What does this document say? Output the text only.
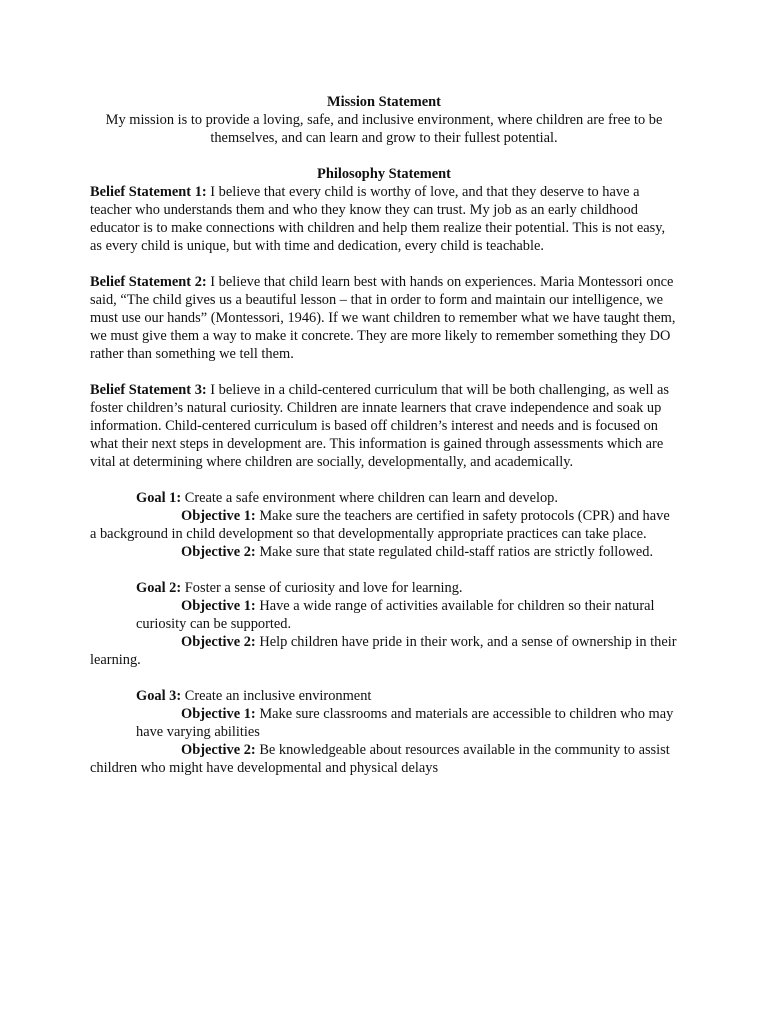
Mission Statement
My mission is to provide a loving, safe, and inclusive environment, where children are free to be themselves, and can learn and grow to their fullest potential.
Philosophy Statement

Belief Statement 1: I believe that every child is worthy of love, and that they deserve to have a teacher who understands them and who they know they can trust. My job as an early childhood educator is to make connections with children and help them realize their potential. This is not easy, as every child is unique, but with time and dedication, every child is teachable.

Belief Statement 2: I believe that child learn best with hands on experiences. Maria Montessori once said, “The child gives us a beautiful lesson – that in order to form and maintain our intelligence, we must use our hands” (Montessori, 1946). If we want children to remember what we have taught them, we must give them a way to make it concrete. They are more likely to remember something they DO rather than something we tell them.

Belief Statement 3: I believe in a child-centered curriculum that will be both challenging, as well as foster children’s natural curiosity. Children are innate learners that crave independence and soak up information. Child-centered curriculum is based off children’s interest and needs and is focused on what their next steps in development are. This information is gained through assessments which are vital at determining where children are socially, developmentally, and academically.

Goal 1: Create a safe environment where children can learn and develop.

Objective 1: Make sure the teachers are certified in safety protocols (CPR) and have a background in child development so that developmentally appropriate practices can take place.

Objective 2: Make sure that state regulated child-staff ratios are strictly followed.

Goal 2: Foster a sense of curiosity and love for learning.

Objective 1: Have a wide range of activities available for children so their natural curiosity can be supported.

Objective 2: Help children have pride in their work, and a sense of ownership in their learning.

Goal 3: Create an inclusive environment

Objective 1: Make sure classrooms and materials are accessible to children who may have varying abilities

Objective 2: Be knowledgeable about resources available in the community to assist children who might have developmental and physical delays
